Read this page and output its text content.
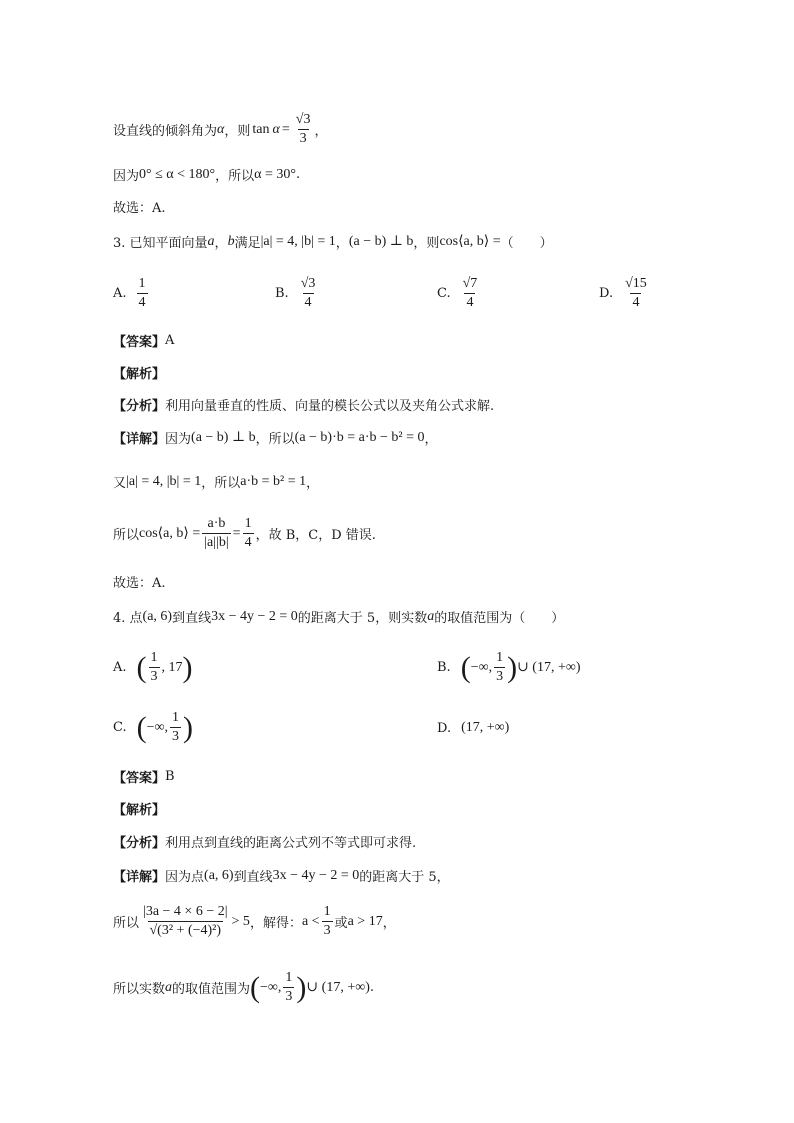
设直线的倾斜角为 α ，则 $\tan \alpha = \frac{√3}{3}$ ，
因为 0° ≤ α < 180° ，所以 α = 30° .
故选：A.
3. 已知平面向量 a ， b 满足 |a| = 4, |b| = 1 ， (a − b) ⊥ b ，则 cos⟨a, b⟩ = （　　）
A. $\frac{1}{4}$	B. $\frac{√3}{4}$	C. $\frac{√7}{4}$	D. $\frac{√15}{4}$
【答案】 A
【解析】
【分析】 利用向量垂直的性质、向量的模长公式以及夹角公式求解.
【详解】 因为 (a − b) ⊥ b ，所以 (a − b)·b = a·b − b² = 0 ，
又 |a| = 4, |b| = 1 ，所以 a·b = b² = 1 ，
所以 cos⟨a, b⟩ = $\frac{a\cdot b}{|a||b|} = \frac{1}{4}$ ，故 B，C，D 错误.
故选：A.
4. 点 (a, 6) 到直线 3x − 4y − 2 = 0 的距离大于 5，则实数 a 的取值范围为（　　）
A. ( $\frac{1}{3}$ , 17 )	B. ( −∞, $\frac{1}{3}$ ) ∪ (17, +∞)
C. ( −∞, $\frac{1}{3}$ )	D. (17, +∞)
【答案】 B
【解析】
【分析】 利用点到直线的距离公式列不等式即可求得.
【详解】 因为点 (a, 6) 到直线 3x − 4y − 2 = 0 的距离大于 5，
所以 $\frac{|3a - 4 \times 6 - 2|}{\text{√(3² + (−4)²)}} > 5$ ，解得： $a < \frac{1}{3}$ 或 a > 17 ，
所以实数 a 的取值范围为 ( −∞, $\frac{1}{3}$ ) ∪ (17, +∞) .
